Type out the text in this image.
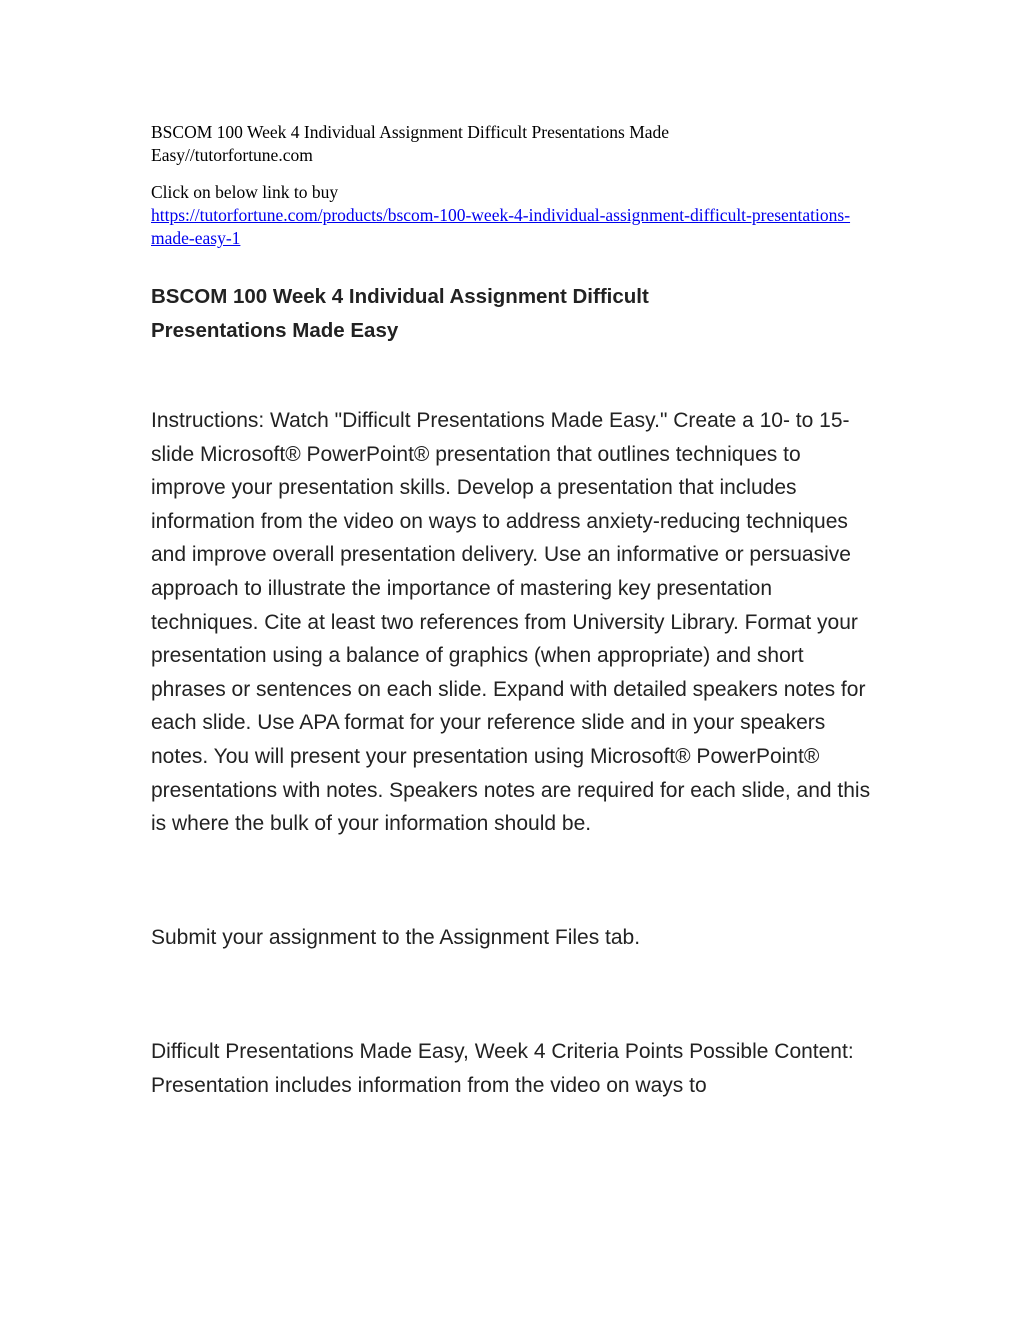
BSCOM 100 Week 4 Individual Assignment Difficult Presentations Made Easy//tutorfortune.com

Click on below link to buy
https://tutorfortune.com/products/bscom-100-week-4-individual-assignment-difficult-presentations-made-easy-1
BSCOM 100 Week 4 Individual Assignment Difficult Presentations Made Easy

Instructions: Watch "Difficult Presentations Made Easy." Create a 10- to 15-slide Microsoft® PowerPoint® presentation that outlines techniques to improve your presentation skills. Develop a presentation that includes information from the video on ways to address anxiety-reducing techniques and improve overall presentation delivery. Use an informative or persuasive approach to illustrate the importance of mastering key presentation techniques. Cite at least two references from University Library. Format your presentation using a balance of graphics (when appropriate) and short phrases or sentences on each slide. Expand with detailed speakers notes for each slide. Use APA format for your reference slide and in your speakers notes. You will present your presentation using Microsoft® PowerPoint® presentations with notes. Speakers notes are required for each slide, and this is where the bulk of your information should be.

Submit your assignment to the Assignment Files tab.

Difficult Presentations Made Easy, Week 4 Criteria Points Possible Content: Presentation includes information from the video on ways to
